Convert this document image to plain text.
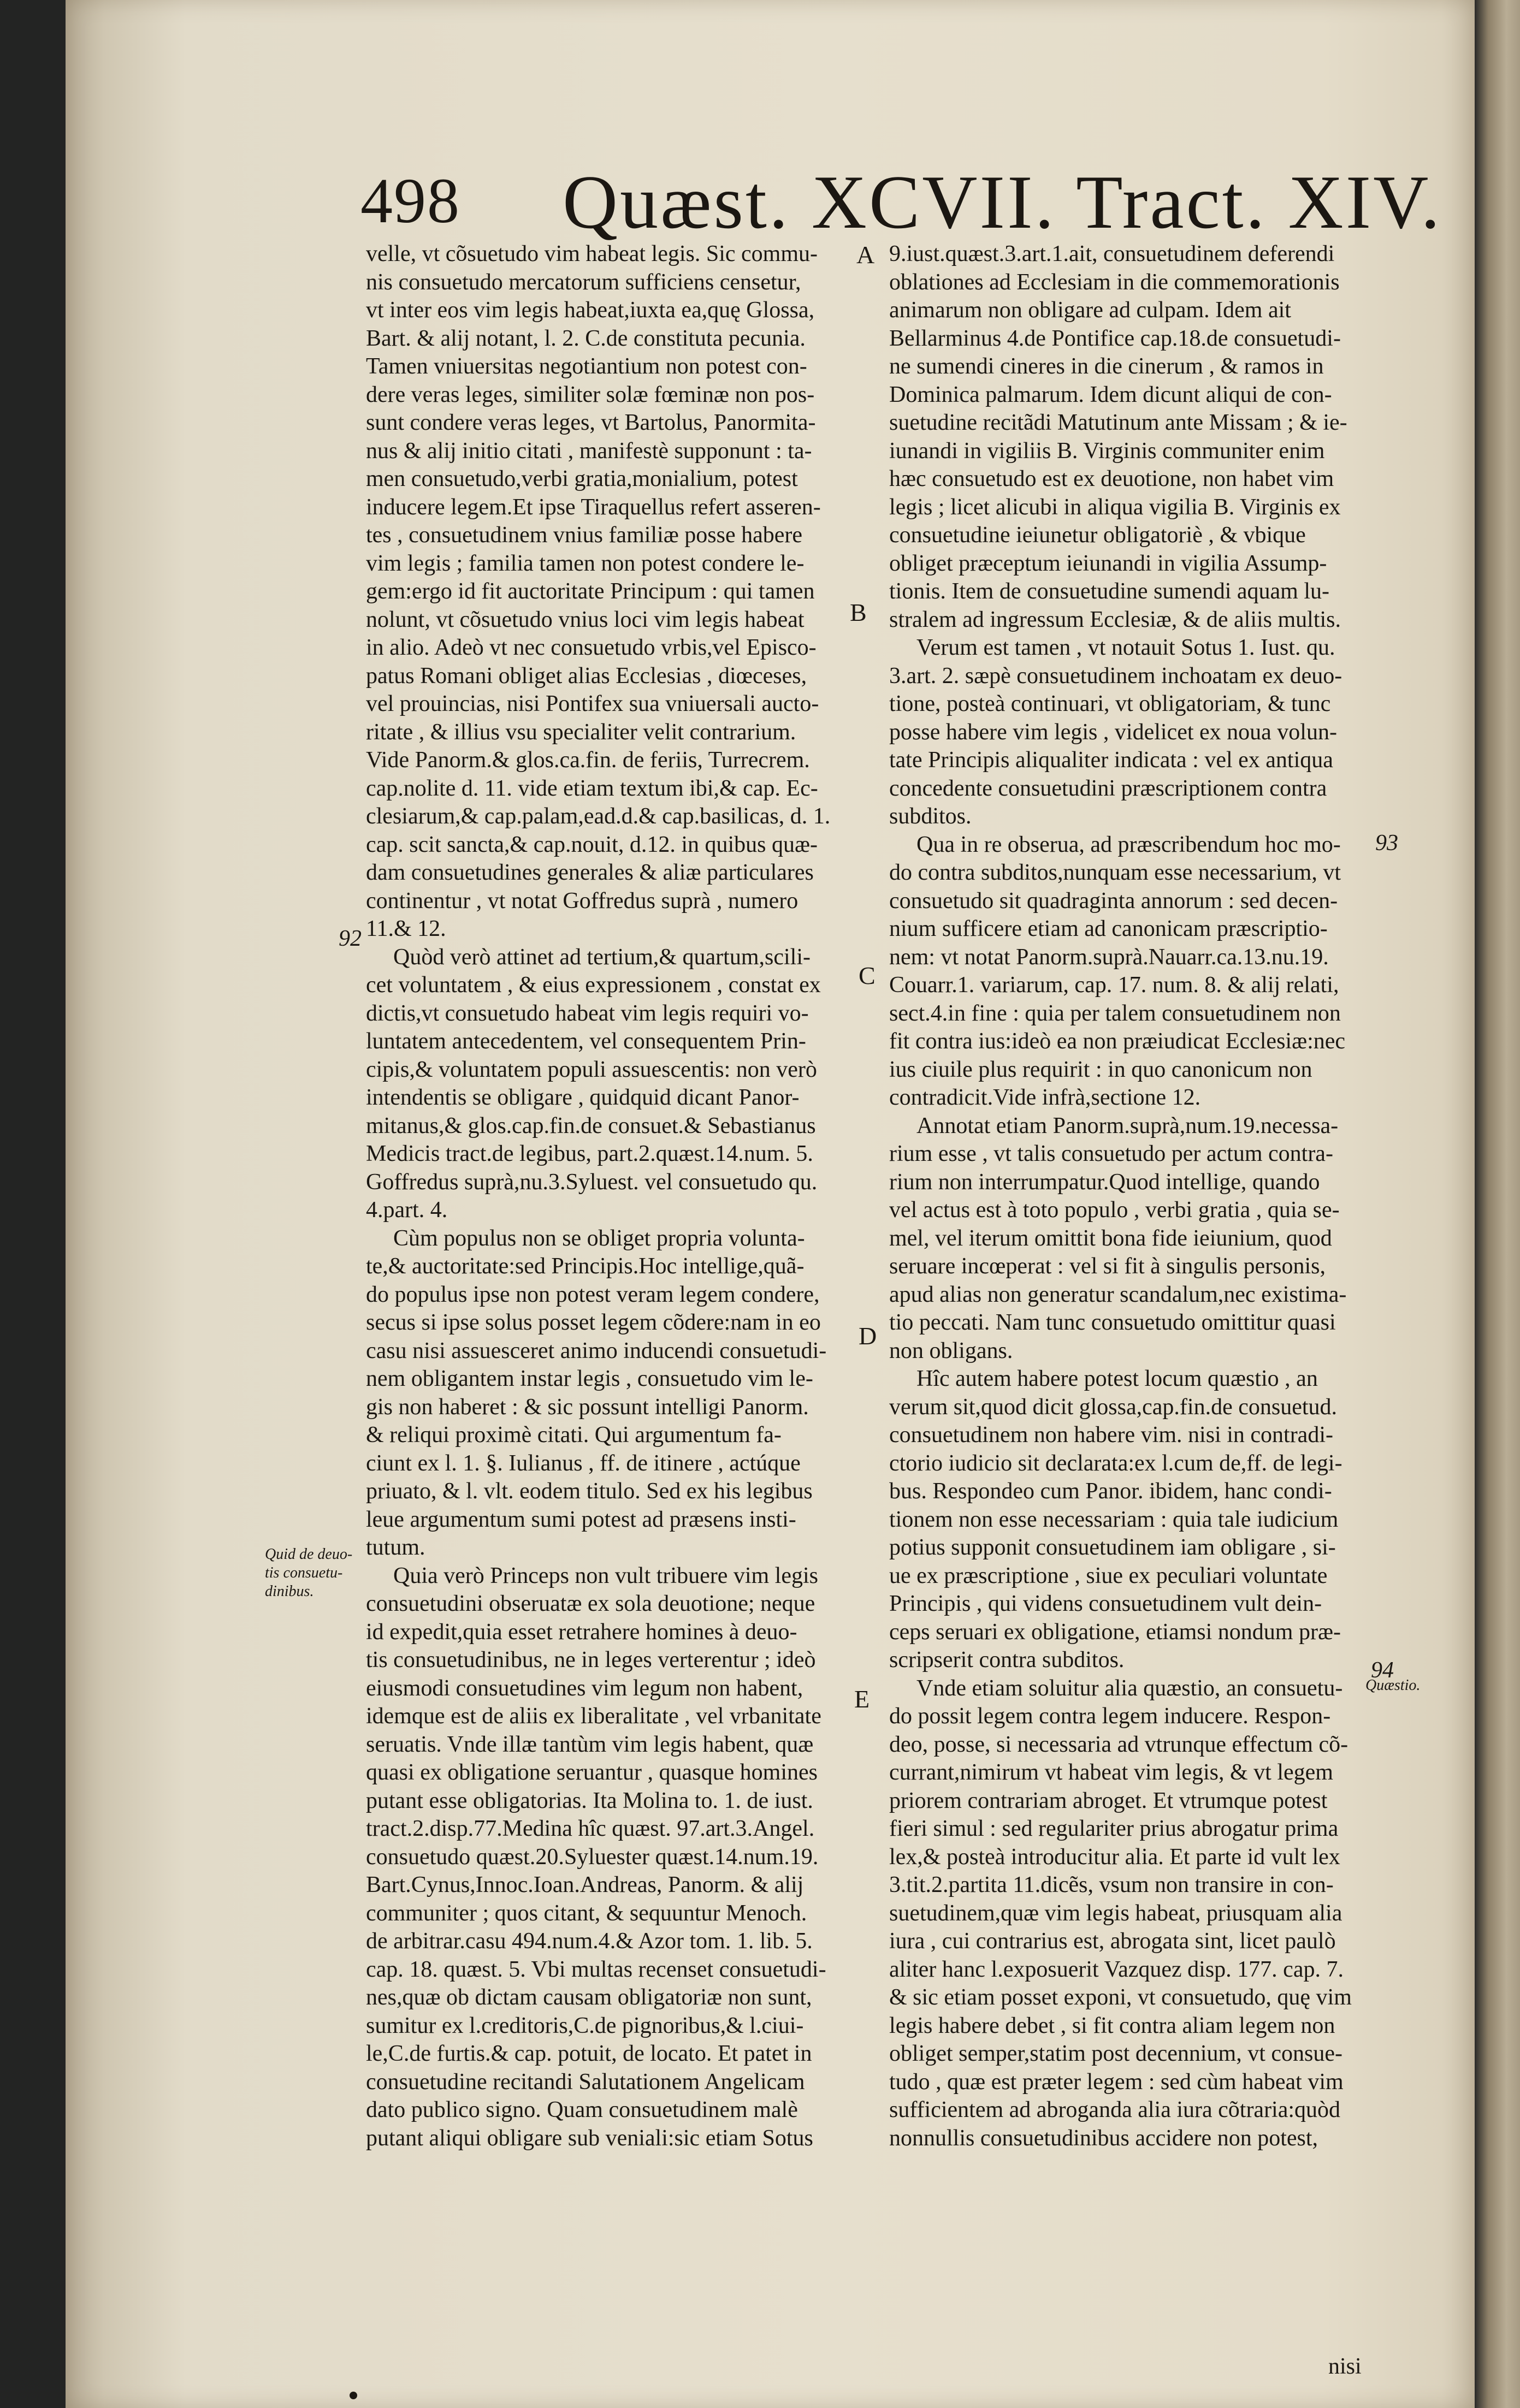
498 Quæst. XCVII. Tract. XIV.
velle, vt cõsuetudo vim habeat legis. Sic commu-
nis consuetudo mercatorum sufficiens censetur,
vt inter eos vim legis habeat,iuxta ea,quę Glossa,
Bart. & alij notant, l. 2. C.de constituta pecunia.
Tamen vniuersitas negotiantium non potest con-
dere veras leges, similiter solæ fœminæ non pos-
sunt condere veras leges, vt Bartolus, Panormita-
nus & alij initio citati , manifestè supponunt : ta-
men consuetudo,verbi gratia,monialium, potest
inducere legem.Et ipse Tiraquellus refert asseren-
tes , consuetudinem vnius familiæ posse habere
vim legis ; familia tamen non potest condere le-
gem:ergo id fit auctoritate Principum : qui tamen
nolunt, vt cõsuetudo vnius loci vim legis habeat
in alio. Adeò vt nec consuetudo vrbis,vel Episco-
patus Romani obliget alias Ecclesias , diœceses,
vel prouincias, nisi Pontifex sua vniuersali aucto-
ritate , & illius vsu specialiter velit contrarium.
Vide Panorm.& glos.ca.fin. de feriis, Turrecrem.
cap.nolite d. 11. vide etiam textum ibi,& cap. Ec-
clesiarum,& cap.palam,ead.d.& cap.basilicas, d. 1.
cap. scit sancta,& cap.nouit, d.12. in quibus quæ-
dam consuetudines generales & aliæ particulares
continentur , vt notat Goffredus suprà , numero
11.& 12.
Quòd verò attinet ad tertium,& quartum,scili-
cet voluntatem , & eius expressionem , constat ex
dictis,vt consuetudo habeat vim legis requiri vo-
luntatem antecedentem, vel consequentem Prin-
cipis,& voluntatem populi assuescentis: non verò
intendentis se obligare , quidquid dicant Panor-
mitanus,& glos.cap.fin.de consuet.& Sebastianus
Medicis tract.de legibus, part.2.quæst.14.num. 5.
Goffredus suprà,nu.3.Syluest. vel consuetudo qu.
4.part. 4.
Cùm populus non se obliget propria volunta-
te,& auctoritate:sed Principis.Hoc intellige,quã-
do populus ipse non potest veram legem condere,
secus si ipse solus posset legem cõdere:nam in eo
casu nisi assuesceret animo inducendi consuetudi-
nem obligantem instar legis , consuetudo vim le-
gis non haberet : & sic possunt intelligi Panorm.
& reliqui proximè citati. Qui argumentum fa-
ciunt ex l. 1. §. Iulianus , ff. de itinere , actúque
priuato, & l. vlt. eodem titulo. Sed ex his legibus
leue argumentum sumi potest ad præsens insti-
tutum.
Quia verò Princeps non vult tribuere vim legis
consuetudini obseruatæ ex sola deuotione; neque
id expedit,quia esset retrahere homines à deuo-
tis consuetudinibus, ne in leges verterentur ; ideò
eiusmodi consuetudines vim legum non habent,
idemque est de aliis ex liberalitate , vel vrbanitate
seruatis. Vnde illæ tantùm vim legis habent, quæ
quasi ex obligatione seruantur , quasque homines
putant esse obligatorias. Ita Molina to. 1. de iust.
tract.2.disp.77.Medina hîc quæst. 97.art.3.Angel.
consuetudo quæst.20.Syluester quæst.14.num.19.
Bart.Cynus,Innoc.Ioan.Andreas, Panorm. & alij
communiter ; quos citant, & sequuntur Menoch.
de arbitrar.casu 494.num.4.& Azor tom. 1. lib. 5.
cap. 18. quæst. 5. Vbi multas recenset consuetudi-
nes,quæ ob dictam causam obligatoriæ non sunt,
sumitur ex l.creditoris,C.de pignoribus,& l.ciui-
le,C.de furtis.& cap. potuit, de locato. Et patet in
consuetudine recitandi Salutationem Angelicam
dato publico signo. Quam consuetudinem malè
putant aliqui obligare sub veniali:sic etiam Sotus
9.iust.quæst.3.art.1.ait, consuetudinem deferendi
oblationes ad Ecclesiam in die commemorationis
animarum non obligare ad culpam. Idem ait
Bellarminus 4.de Pontifice cap.18.de consuetudi-
ne sumendi cineres in die cinerum , & ramos in
Dominica palmarum. Idem dicunt aliqui de con-
suetudine recitãdi Matutinum ante Missam ; & ie-
iunandi in vigiliis B. Virginis communiter enim
hæc consuetudo est ex deuotione, non habet vim
legis ; licet alicubi in aliqua vigilia B. Virginis ex
consuetudine ieiunetur obligatoriè , & vbique
obliget præceptum ieiunandi in vigilia Assump-
tionis. Item de consuetudine sumendi aquam lu-
stralem ad ingressum Ecclesiæ, & de aliis multis.
Verum est tamen , vt notauit Sotus 1. Iust. qu.
3.art. 2. sæpè consuetudinem inchoatam ex deuo-
tione, posteà continuari, vt obligatoriam, & tunc
posse habere vim legis , videlicet ex noua volun-
tate Principis aliqualiter indicata : vel ex antiqua
concedente consuetudini præscriptionem contra
subditos.
Qua in re obserua, ad præscribendum hoc mo-
do contra subditos,nunquam esse necessarium, vt
consuetudo sit quadraginta annorum : sed decen-
nium sufficere etiam ad canonicam præscriptio-
nem: vt notat Panorm.suprà.Nauarr.ca.13.nu.19.
Couarr.1. variarum, cap. 17. num. 8. & alij relati,
sect.4.in fine : quia per talem consuetudinem non
fit contra ius:ideò ea non præiudicat Ecclesiæ:nec
ius ciuile plus requirit : in quo canonicum non
contradicit.Vide infrà,sectione 12.
Annotat etiam Panorm.suprà,num.19.necessa-
rium esse , vt talis consuetudo per actum contra-
rium non interrumpatur.Quod intellige, quando
vel actus est à toto populo , verbi gratia , quia se-
mel, vel iterum omittit bona fide ieiunium, quod
seruare incœperat : vel si fit à singulis personis,
apud alias non generatur scandalum,nec existima-
tio peccati. Nam tunc consuetudo omittitur quasi
non obligans.
Hîc autem habere potest locum quæstio , an
verum sit,quod dicit glossa,cap.fin.de consuetud.
consuetudinem non habere vim. nisi in contradi-
ctorio iudicio sit declarata:ex l.cum de,ff. de legi-
bus. Respondeo cum Panor. ibidem, hanc condi-
tionem non esse necessariam : quia tale iudicium
potius supponit consuetudinem iam obligare , si-
ue ex præscriptione , siue ex peculiari voluntate
Principis , qui videns consuetudinem vult dein-
ceps seruari ex obligatione, etiamsi nondum præ-
scripserit contra subditos.
Vnde etiam soluitur alia quæstio, an consuetu-
do possit legem contra legem inducere. Respon-
deo, posse, si necessaria ad vtrunque effectum cõ-
currant,nimirum vt habeat vim legis, & vt legem
priorem contrariam abroget. Et vtrumque potest
fieri simul : sed regulariter prius abrogatur prima
lex,& posteà introducitur alia. Et parte id vult lex
3.tit.2.partita 11.dicẽs, vsum non transire in con-
suetudinem,quæ vim legis habeat, priusquam alia
iura , cui contrarius est, abrogata sint, licet paulò
aliter hanc l.exposuerit Vazquez disp. 177. cap. 7.
& sic etiam posset exponi, vt consuetudo, quę vim
legis habere debet , si fit contra aliam legem non
obliget semper,statim post decennium, vt consue-
tudo , quæ est præter legem : sed cùm habeat vim
sufficientem ad abroganda alia iura cõtraria:quòd
nonnullis consuetudinibus accidere non potest,
A
B
C
D
E
92
93
94
Quid de deuo- tis consuetu- dinibus.
Quæstio.
nisi
